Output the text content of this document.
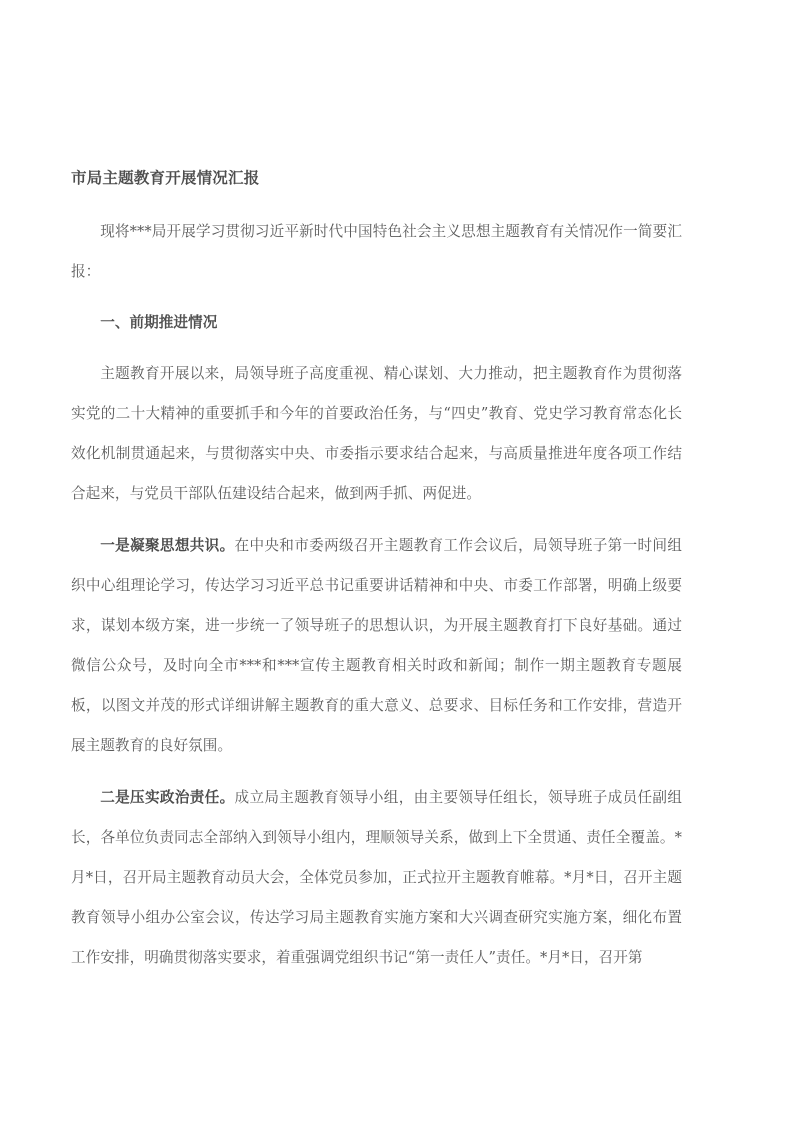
市局主题教育开展情况汇报

现将***局开展学习贯彻习近平新时代中国特色社会主义思想主题教育有关情况作一简要汇报：

一、前期推进情况

主题教育开展以来，局领导班子高度重视、精心谋划、大力推动，把主题教育作为贯彻落实党的二十大精神的重要抓手和今年的首要政治任务，与“四史”教育、党史学习教育常态化长效化机制贯通起来，与贯彻落实中央、市委指示要求结合起来，与高质量推进年度各项工作结合起来，与党员干部队伍建设结合起来，做到两手抓、两促进。

一是凝聚思想共识。在中央和市委两级召开主题教育工作会议后，局领导班子第一时间组织中心组理论学习，传达学习习近平总书记重要讲话精神和中央、市委工作部署，明确上级要求，谋划本级方案，进一步统一了领导班子的思想认识，为开展主题教育打下良好基础。通过微信公众号，及时向全市***和***宣传主题教育相关时政和新闻；制作一期主题教育专题展板，以图文并茂的形式详细讲解主题教育的重大意义、总要求、目标任务和工作安排，营造开展主题教育的良好氛围。

二是压实政治责任。成立局主题教育领导小组，由主要领导任组长，领导班子成员任副组长，各单位负责同志全部纳入到领导小组内，理顺领导关系，做到上下全贯通、责任全覆盖。*月*日，召开局主题教育动员大会，全体党员参加，正式拉开主题教育帷幕。*月*日，召开主题教育领导小组办公室会议，传达学习局主题教育实施方案和大兴调查研究实施方案，细化布置工作安排，明确贯彻落实要求，着重强调党组织书记“第一责任人”责任。*月*日，召开第
